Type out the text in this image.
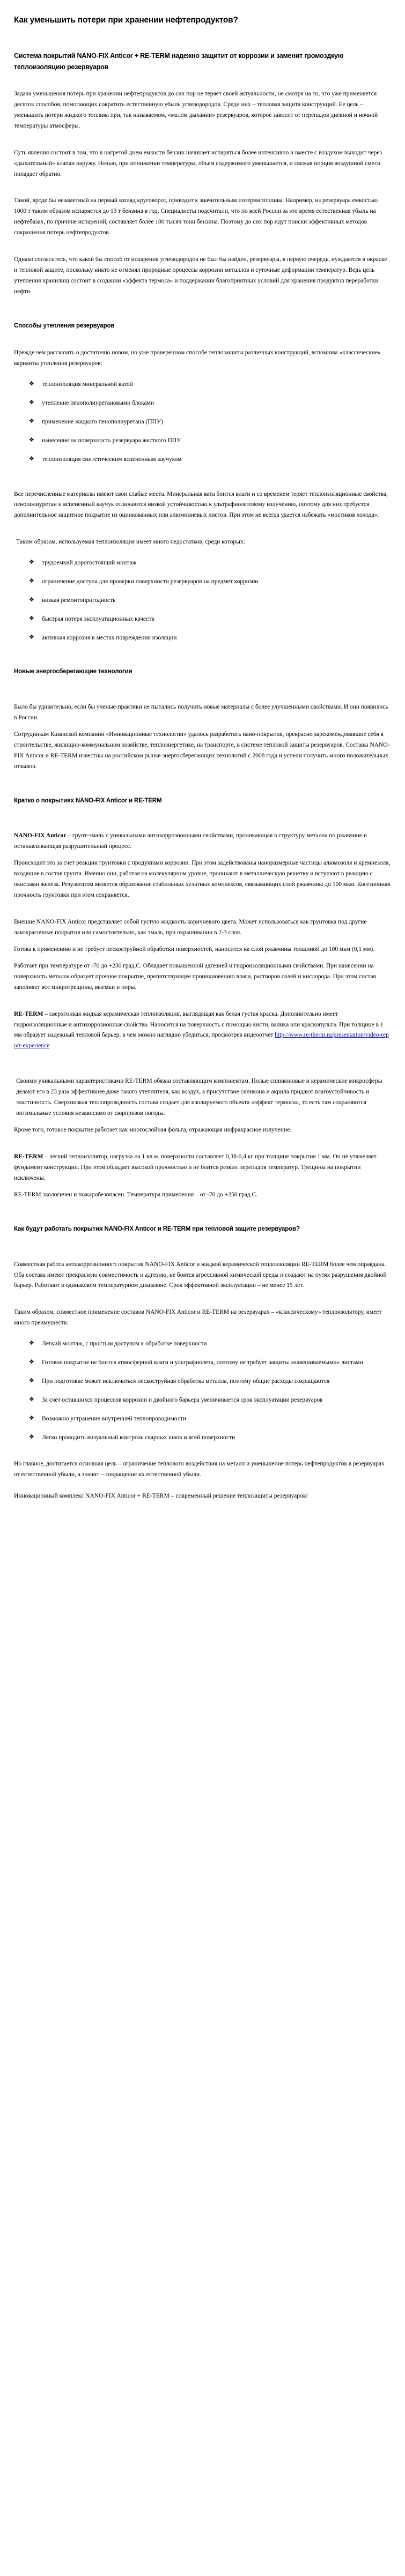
Как уменьшить потери при хранении нефтепродуктов?

Система покрытий NANO-FIX Anticor + RE-TERM надежно защитит от коррозии и заменит громоздкую теплоизоляцию резервуаров

Задача уменьшения потерь при хранении нефтепродуктов до сих пор не теряет своей актуальности, не смотря на то, что уже применяется десяток способов, помогающих сократить естественную убыль углеводородов. Среди них – тепловая защита конструкций. Ее цель – уменьшить потери жидкого топлива при, так называемом, «малом дыхании» резервуаров, которое зависит от перепадов дневной и ночной температуры атмосферы.

Суть явления состоит в том, что в нагретой днем емкости бензин начинает испаряться более интенсивно и вместе с воздухом выходит через «дыхательный» клапан наружу. Ночью, при понижении температуры, объем содержимого уменьшается, и свежая порция воздушной смеси попадает обратно.

Такой, вроде бы незаметный на первый взгляд круговорот, приводит к значительным потерям топлива. Например, из резервуара емкостью 1000 т таким образом испаряется до 13 т бензина в год. Специалисты подсчитали, что по всей России за это время естественная убыль на нефтебазах, по причине испарений, составляет более 100 тысяч тонн бензина. Поэтому до сих пор идут поиски эффективных методов сокращения потерь нефтепродуктов.

Однако согласитесь, что какой бы способ от испарения углеводородов не был бы найден, резервуары, в первую очередь, нуждаются в окраске и тепловой защите, поскольку никто не отменял природные процессы коррозии металлов и суточные деформации температур. Ведь цель утепления хранилищ состоит в создании «эффекта термоса» и поддержании благоприятных условий для хранения продуктов переработки нефти.

Способы утепления резервуаров

Прежде чем рассказать о достаточно новом, но уже проверенном способе теплозащиты различных конструкций, вспомним «классические» варианты утепления резервуаров:

❖ теплоизоляция минеральной ватой
❖ утепление пенополиуретановыми блоками
❖ применение жидкого пенополиуретана (ППУ)
❖ нанесение на поверхность резервуара жесткого ППУ
❖ теплоизоляция синтетическим вспененным каучуком

Все перечисленные материалы имеют свои слабые места. Минеральная вата боится влаги и со временем теряет теплоизоляционные свойства, пенополиуретан и вспененный каучук отличаются низкой устойчивостью к ультрафиолетовому излучению, поэтому для них требуется дополнительное защитное покрытие из оцинкованных или алюминиевых листов. При этом не всегда удается избежать «мостиков холода».

Таким образом, используемая теплоизоляция имеет много недостатков, среди которых:

❖ трудоемкий дорогостоящий монтаж
❖ ограничение доступа для проверки поверхности резервуаров на предмет коррозии
❖ низкая ремонтопригодность
❖ быстрая потеря эксплуатационных качеств
❖ активная коррозия в местах повреждения изоляции
Новые энергосберегающие технологии

Было бы удивительно, если бы ученые-практики не пытались получить новые материалы с более улучшенными свойствами. И они появились в России.

Сотрудникам Казанской компании «Инновационные технологии» удалось разработать нано-покрытия, прекрасно зарекомендовавшие себя в строительстве, жилищно-коммунальном хозяйстве, теплоэнергетике, на транспорте, в системе тепловой защиты резервуаров. Составы NANO-FIX Anticor и RE-TERM известны на российском рынке энергосберегающих технологий с 2008 года и успели получить много положительных отзывов.

Кратко о покрытиях NANO-FIX Anticor и RE-TERM

NANO-FIX Anticor – грунт-эмаль с уникальными антикоррозионными свойствами, проникающая в структуру металла по ржавчине и останавливающая разрушительный процесс.

Происходит это за счет реакции грунтовки с продуктами коррозии. При этом задействованы наноразмерные частицы алюмозоля и кремнезоля, входящие в состав грунта. Именно они, работая на молекулярном уровне, проникают в металлическую решетку и вступают в реакцию с окислами железа. Результатом является образование стабильных хелатных комплексов, связывающих слой ржавчины до 100 мкм. Когезионная прочность грунтовки при этом сохраняется.

Внешне NANO-FIX Anticor представляет собой густую жидкость коричневого цвета. Может использоваться как грунтовка под другие лакокрасочные покрытия или самостоятельно, как эмаль, при окрашивании в 2-3 слоя.

Готова к применению и не требует пескоструйной обработки поверхностей, наносится на слой ржавчины толщиной до 100 мкм (0,1 мм).

Работает при температуре от -70 до +230 град.С. Обладает повышенной адгезией и гидроизоляционными свойствами. При нанесении на поверхность металла образует прочное покрытие, препятствующее проникновению влаги, растворов солей и кислорода. При этом состав заполняет все микротрещины, выемки и поры.

RE-TERM – сверхтонкая жидкая керамическая теплоизоляция, выглядящая как белая густая краска. Дополнительно имеет гидроизоляционные и антикоррозионные свойства. Наносится на поверхность с помощью кисти, валика или краскопульта. При толщине в 1 мм образует надежный тепловой барьер, в чем можно наглядно убедиться, просмотрев видеоотчет http://www.re-therm.ru/presentation/video-report-experience

Своими уникальными характеристиками RE-TERM обязан составляющим компонентам. Полые силиконовые и керамические микросферы делают его в 23 раза эффективнее даже такого утеплителя, как воздух, а присутствие силикона и акрила придают влагоустойчивость и эластичность. Сверхнизкая теплопроводность состава создает для изолируемого объекта «эффект термоса», то есть там сохраняются оптимальные условия независимо от сюрпризов погоды.

Кроме того, готовое покрытие работает как многослойная фольга, отражающая инфракрасное излучение.

RE-TERM – легкий теплоизолятор, нагрузка на 1 кв.м. поверхности составляет 0,38-0,4 кг при толщине покрытия 1 мм. Он не утяжеляет фундамент конструкции. При этом обладает высокой прочностью и не боится резких перепадов температур. Трещины на покрытии исключены.

RE-TERM экологичен и пожаробезопасен. Температура применения – от -70 до +250 град.С.

Как будут работать покрытия NANO-FIX Anticor и RE-TERM при тепловой защите резервуаров?

Совместная работа антикоррозионного покрытия NANO-FIX Anticor и жидкой керамической теплоизоляции RE-TERM более чем оправдана. Оба состава имеют прекрасную совместимость и адгезию, не боятся агрессивной химической среды и создают на путях разрушения двойной барьер. Работают в одинаковом температурном диапазоне. Срок эффективной эксплуатации – не менее 15 лет.

Таким образом, совместное применение составов NANO-FIX Anticor и RE-TERM на резервуарах – «классическому» теплоизолятору, имеет много преимуществ:

❖ Легкий монтаж, с простым доступом к обработке поверхности
❖ Готовое покрытие не боится атмосферной влаги и ультрафиолета, поэтому не требует защиты «навешиваемыми» листами
❖ При подготовке может исключаться пескоструйная обработка металла, поэтому общие расходы сокращаются
❖ За счет оставшихся процессов коррозии и двойного барьера увеличивается срок эксплуатации резервуаров
❖ Возможно устранение внутренней теплопроводимости
❖ Легко проводить визуальный контроль сварных швов и всей поверхности

Но главное, достигается основная цель – ограничение теплового воздействия на металл и уменьшение потерь нефтепродуктов в резервуарах от естественной убыли, а значит – сокращение их естественной убыли.

Инновационный комплекс NANO-FIX Anticor + RE-TERM – современный решение теплозащиты резервуаров!
